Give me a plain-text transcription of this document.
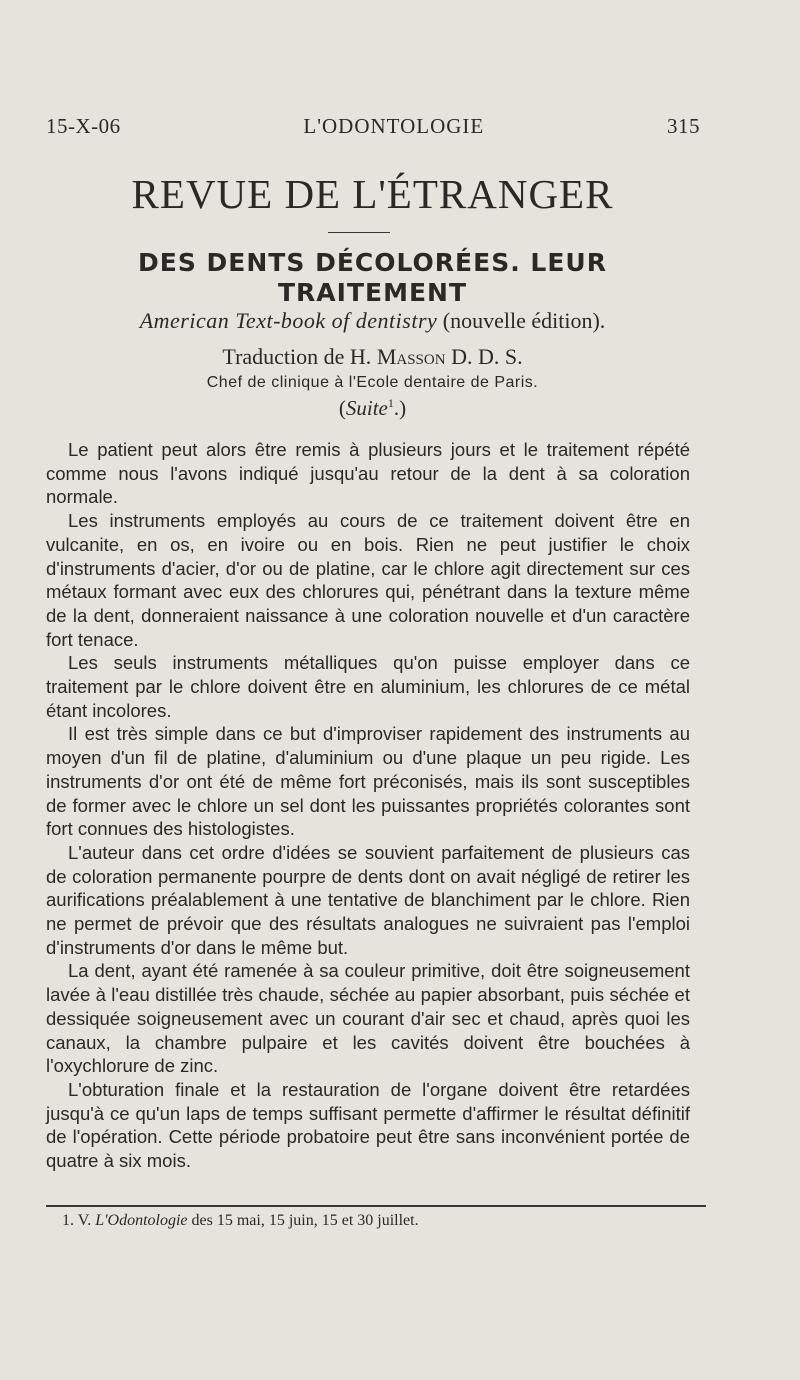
15-X-06	L'ODONTOLOGIE	315
REVUE DE L'ÉTRANGER
DES DENTS DÉCOLORÉES. LEUR
TRAITEMENT
American Text-book of dentistry (nouvelle édition).
Traduction de H. Masson D. D. S.
Chef de clinique à l'Ecole dentaire de Paris.
(Suite$^1$.)

Le patient peut alors être remis à plusieurs jours et le traitement répété comme nous l'avons indiqué jusqu'au retour de la dent à sa coloration normale.

Les instruments employés au cours de ce traitement doivent être en vulcanite, en os, en ivoire ou en bois. Rien ne peut justifier le choix d'instruments d'acier, d'or ou de platine, car le chlore agit directement sur ces métaux formant avec eux des chlorures qui, pénétrant dans la texture même de la dent, donneraient naissance à une coloration nouvelle et d'un caractère fort tenace.

Les seuls instruments métalliques qu'on puisse employer dans ce traitement par le chlore doivent être en aluminium, les chlorures de ce métal étant incolores.

Il est très simple dans ce but d'improviser rapidement des instruments au moyen d'un fil de platine, d'aluminium ou d'une plaque un peu rigide. Les instruments d'or ont été de même fort préconisés, mais ils sont susceptibles de former avec le chlore un sel dont les puissantes propriétés colorantes sont fort connues des histologistes.

L'auteur dans cet ordre d'idées se souvient parfaitement de plusieurs cas de coloration permanente pourpre de dents dont on avait négligé de retirer les aurifications préalablement à une tentative de blanchiment par le chlore. Rien ne permet de prévoir que des résultats analogues ne suivraient pas l'emploi d'instruments d'or dans le même but.

La dent, ayant été ramenée à sa couleur primitive, doit être soigneusement lavée à l'eau distillée très chaude, séchée au papier absorbant, puis séchée et dessiquée soigneusement avec un courant d'air sec et chaud, après quoi les canaux, la chambre pulpaire et les cavités doivent être bouchées à l'oxychlorure de zinc.

L'obturation finale et la restauration de l'organe doivent être retardées jusqu'à ce qu'un laps de temps suffisant permette d'affirmer le résultat définitif de l'opération. Cette période probatoire peut être sans inconvénient portée de quatre à six mois.

1. V. L'Odontologie des 15 mai, 15 juin, 15 et 30 juillet.
